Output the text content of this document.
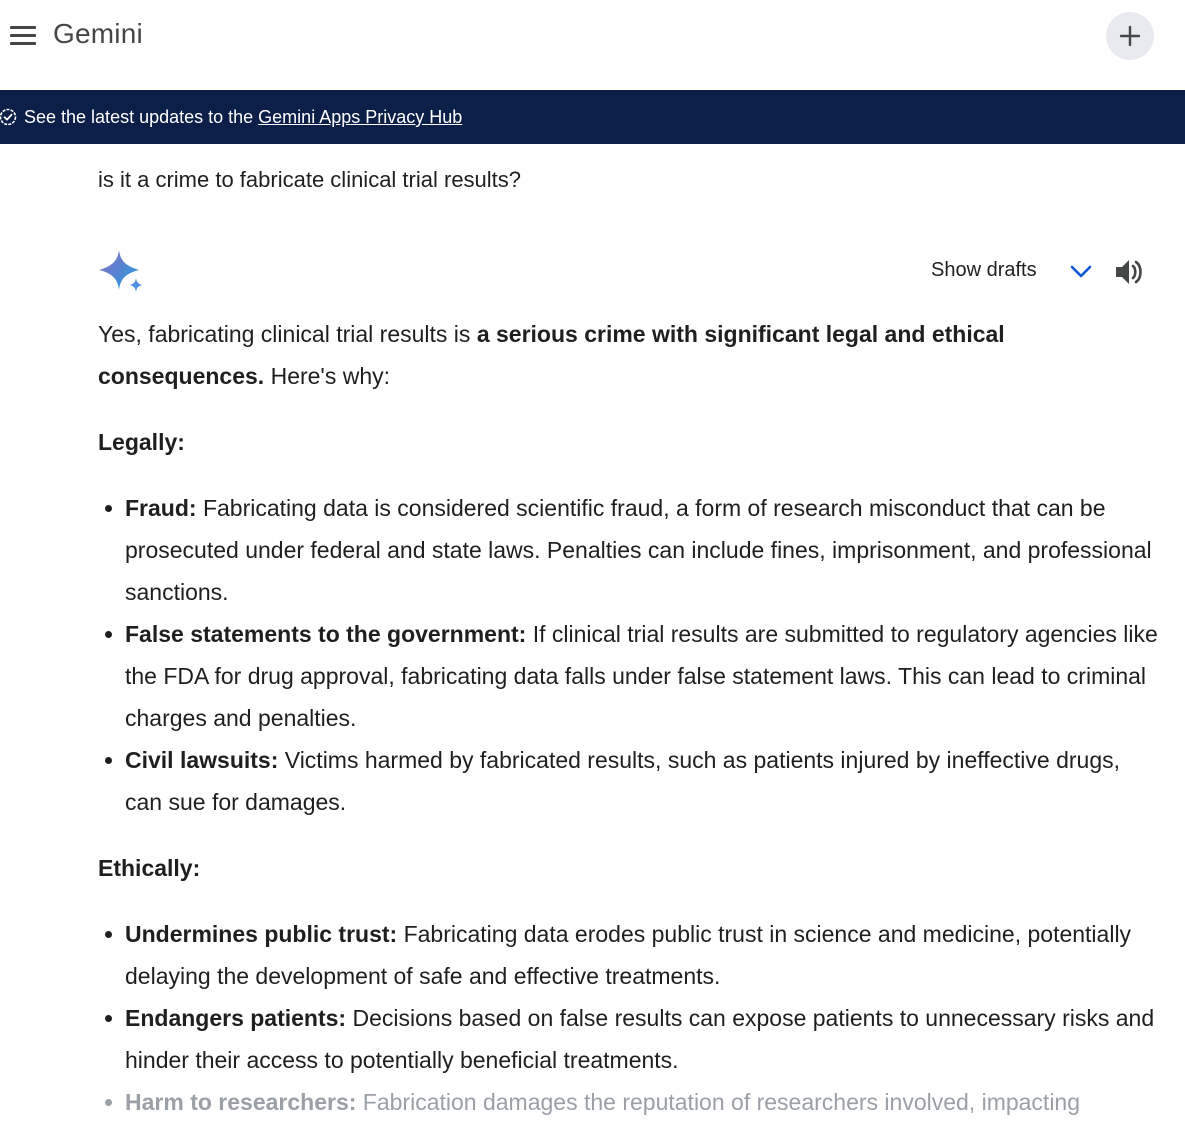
Gemini
See the latest updates to the Gemini Apps Privacy Hub
is it a crime to fabricate clinical trial results?
Show drafts

Yes, fabricating clinical trial results is a serious crime with significant legal and ethical consequences. Here's why:

Legally:

Fraud: Fabricating data is considered scientific fraud, a form of research misconduct that can be prosecuted under federal and state laws. Penalties can include fines, imprisonment, and professional sanctions.
False statements to the government: If clinical trial results are submitted to regulatory agencies like the FDA for drug approval, fabricating data falls under false statement laws. This can lead to criminal charges and penalties.
Civil lawsuits: Victims harmed by fabricated results, such as patients injured by ineffective drugs, can sue for damages.

Ethically:

Undermines public trust: Fabricating data erodes public trust in science and medicine, potentially delaying the development of safe and effective treatments.
Endangers patients: Decisions based on false results can expose patients to unnecessary risks and hinder their access to potentially beneficial treatments.
Harm to researchers: Fabrication damages the reputation of researchers involved, impacting
